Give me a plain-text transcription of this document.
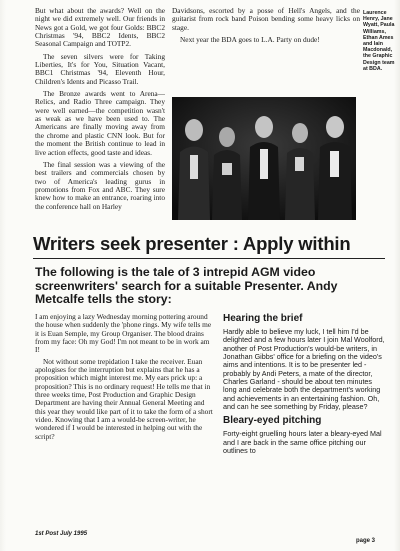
But what about the awards? Well on the night we did extremely well. Our friends in News got a Gold, we got four Golds: BBC2 Christmas '94, BBC2 Idents, BBC2 Seasonal Campaign and TOTP2.

The seven silvers were for Taking Liberties, It's for You, Situation Vacant, BBC1 Christmas '94, Eleventh Hour, Children's Idents and Picasso Trail.

The Bronze awards went to Arena—Relics, and Radio Three campaign. They were well earned—the competition wasn't as weak as we have been used to. The Americans are finally moving away from the chrome and plastic CNN look. But for the moment the British continue to lead in live action effects, good taste and ideas.

The final session was a viewing of the best trailers and commercials chosen by two of America's leading gurus in promotions from Fox and ABC. They sure knew how to make an entrance, roaring into the conference hall on Harley

Davidsons, escorted by a posse of Hell's Angels, and the guitarist from rock band Poison bending some heavy licks on stage.

Next year the BDA goes to L.A. Party on dude!

Laurence
Henry, Jane
Wyatt, Paula
Williams,
Ethan Ames
and Iain
Macdonald,
the Graphic
Design team
at BDA.
Writers seek presenter : Apply within
The following is the tale of 3 intrepid AGM video
screenwriters' search for a suitable Presenter. Andy
Metcalfe tells the story:

I am enjoying a lazy Wednesday morning pottering around the house when suddenly the 'phone rings. My wife tells me it is Euan Semple, my Group Organiser. The blood drains from my face: Oh my God! I'm not meant to be in work am I!

Not without some trepidation I take the receiver. Euan apologises for the interruption but explains that he has a proposition which might interest me. My ears prick up: a proposition? This is no ordinary request! He tells me that in three weeks time, Post Production and Graphic Design Department are having their Annual General Meeting and this year they would like part of it to take the form of a short video. Knowing that I am a would-be screen-writer, he wondered if I would be interested in helping out with the script?

Hearing the brief

Hardly able to believe my luck, I tell him I'd be delighted and a few hours later I join Mal Woolford, another of Post Production's would-be writers, in Jonathan Gibbs' office for a briefing on the video's aims and intentions. It is to be presenter led - probably by Andi Peters, a mate of the director, Charles Garland - should be about ten minutes long and celebrate both the department's working and achievements in an entertaining fashion. Oh, and can he see something by Friday, please?

Bleary-eyed pitching

Forty-eight gruelling hours later a bleary-eyed Mal and I are back in the same office pitching our outlines to

1st Post July 1995
page 3
